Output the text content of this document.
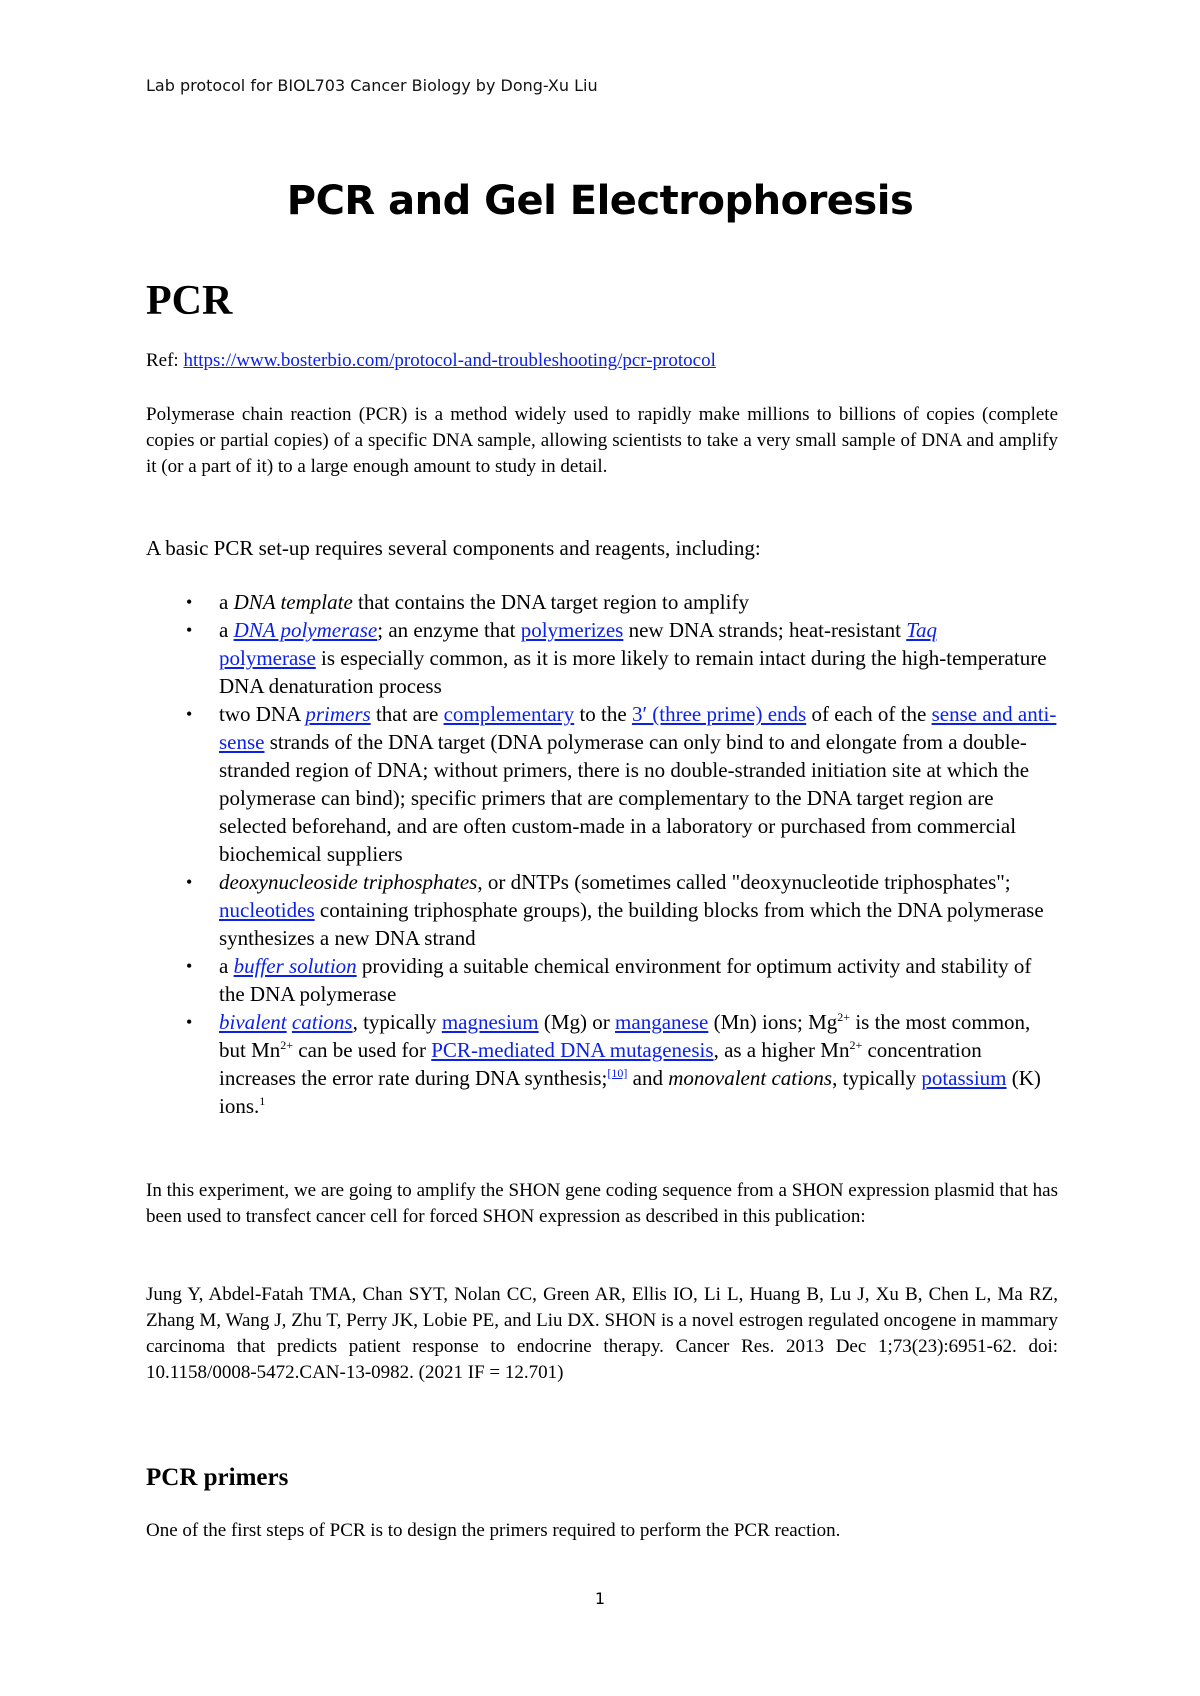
Lab protocol for BIOL703 Cancer Biology by Dong-Xu Liu
PCR and Gel Electrophoresis
PCR
Ref: https://www.bosterbio.com/protocol-and-troubleshooting/pcr-protocol
Polymerase chain reaction (PCR) is a method widely used to rapidly make millions to billions of copies (complete copies or partial copies) of a specific DNA sample, allowing scientists to take a very small sample of DNA and amplify it (or a part of it) to a large enough amount to study in detail.
A basic PCR set-up requires several components and reagents, including:
• a DNA template that contains the DNA target region to amplify
• a DNA polymerase; an enzyme that polymerizes new DNA strands; heat-resistant Taq
polymerase is especially common, as it is more likely to remain intact during the high-temperature DNA denaturation process
• two DNA primers that are complementary to the 3′ (three prime) ends of each of the sense and anti-sense strands of the DNA target (DNA polymerase can only bind to and elongate from a double-stranded region of DNA; without primers, there is no double-stranded initiation site at which the polymerase can bind); specific primers that are complementary to the DNA target region are selected beforehand, and are often custom-made in a laboratory or purchased from commercial biochemical suppliers
• deoxynucleoside triphosphates, or dNTPs (sometimes called "deoxynucleotide triphosphates"; nucleotides containing triphosphate groups), the building blocks from which the DNA polymerase synthesizes a new DNA strand
• a buffer solution providing a suitable chemical environment for optimum activity and stability of the DNA polymerase
• bivalent cations, typically magnesium (Mg) or manganese (Mn) ions; $Mg^{2+}$ is the most common, but $Mn^{2+}$ can be used for PCR-mediated DNA mutagenesis, as a higher $Mn^{2+}$ concentration increases the error rate during DNA synthesis;[10] and monovalent cations, typically potassium (K) ions.$^1$
In this experiment, we are going to amplify the SHON gene coding sequence from a SHON expression plasmid that has been used to transfect cancer cell for forced SHON expression as described in this publication:
Jung Y, Abdel-Fatah TMA, Chan SYT, Nolan CC, Green AR, Ellis IO, Li L, Huang B, Lu J, Xu B, Chen L, Ma RZ, Zhang M, Wang J, Zhu T, Perry JK, Lobie PE, and Liu DX. SHON is a novel estrogen regulated oncogene in mammary carcinoma that predicts patient response to endocrine therapy. Cancer Res. 2013 Dec 1;73(23):6951-62. doi: 10.1158/0008-5472.CAN-13-0982. (2021 IF = 12.701)
PCR primers
One of the first steps of PCR is to design the primers required to perform the PCR reaction.
1
